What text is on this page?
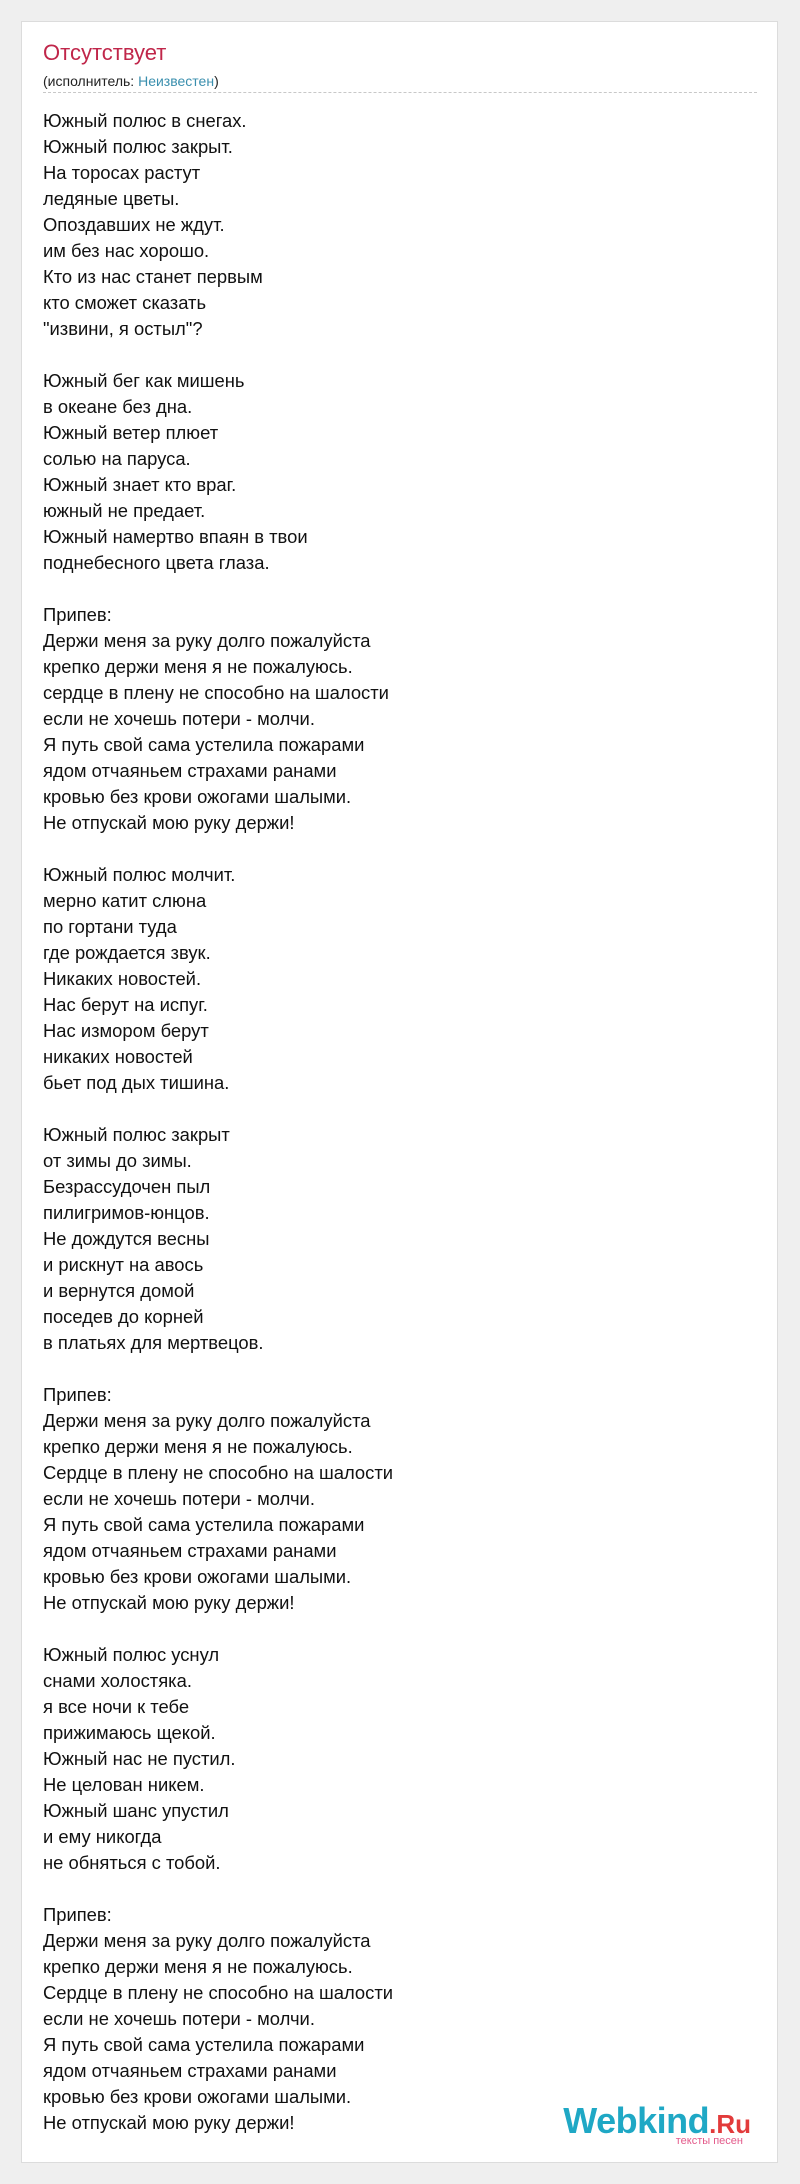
Отсутствует
(исполнитель: Неизвестен)
Южный полюс в снегах.
Южный полюс закрыт.
На торосах растут
ледяные цветы.
Опоздавших не ждут.
им без нас хорошо.
Кто из нас станет первым
кто сможет сказать
"извини, я остыл"?
Южный бег как мишень
в океане без дна.
Южный ветер плюет
солью на паруса.
Южный знает кто враг.
южный не предает.
Южный намертво впаян в твои
поднебесного цвета глаза.
Припев:
Держи меня за руку долго пожалуйста
крепко держи меня я не пожалуюсь.
сердце в плену не способно на шалости
если не хочешь потери - молчи.
Я путь свой сама устелила пожарами
ядом отчаяньем страхами ранами
кровью без крови ожогами шалыми.
Не отпускай мою руку держи!
Южный полюс молчит.
мерно катит слюна
по гортани туда
где рождается звук.
Никаких новостей.
Нас берут на испуг.
Нас измором берут
никаких новостей
бьет под дых тишина.
Южный полюс закрыт
от зимы до зимы.
Безрассудочен пыл
пилигримов-юнцов.
Не дождутся весны
и рискнут на авось
и вернутся домой
поседев до корней
в платьях для мертвецов.
Припев:
Держи меня за руку долго пожалуйста
крепко держи меня я не пожалуюсь.
Сердце в плену не способно на шалости
если не хочешь потери - молчи.
Я путь свой сама устелила пожарами
ядом отчаяньем страхами ранами
кровью без крови ожогами шалыми.
Не отпускай мою руку держи!
Южный полюс уснул
снами холостяка.
я все ночи к тебе
прижимаюсь щекой.
Южный нас не пустил.
Не целован никем.
Южный шанс упустил
и ему никогда
не обняться с тобой.
Припев:
Держи меня за руку долго пожалуйста
крепко держи меня я не пожалуюсь.
Сердце в плену не способно на шалости
если не хочешь потери - молчи.
Я путь свой сама устелила пожарами
ядом отчаяньем страхами ранами
кровью без крови ожогами шалыми.
Не отпускай мою руку держи!	Webkind.Ru
тексты песен
